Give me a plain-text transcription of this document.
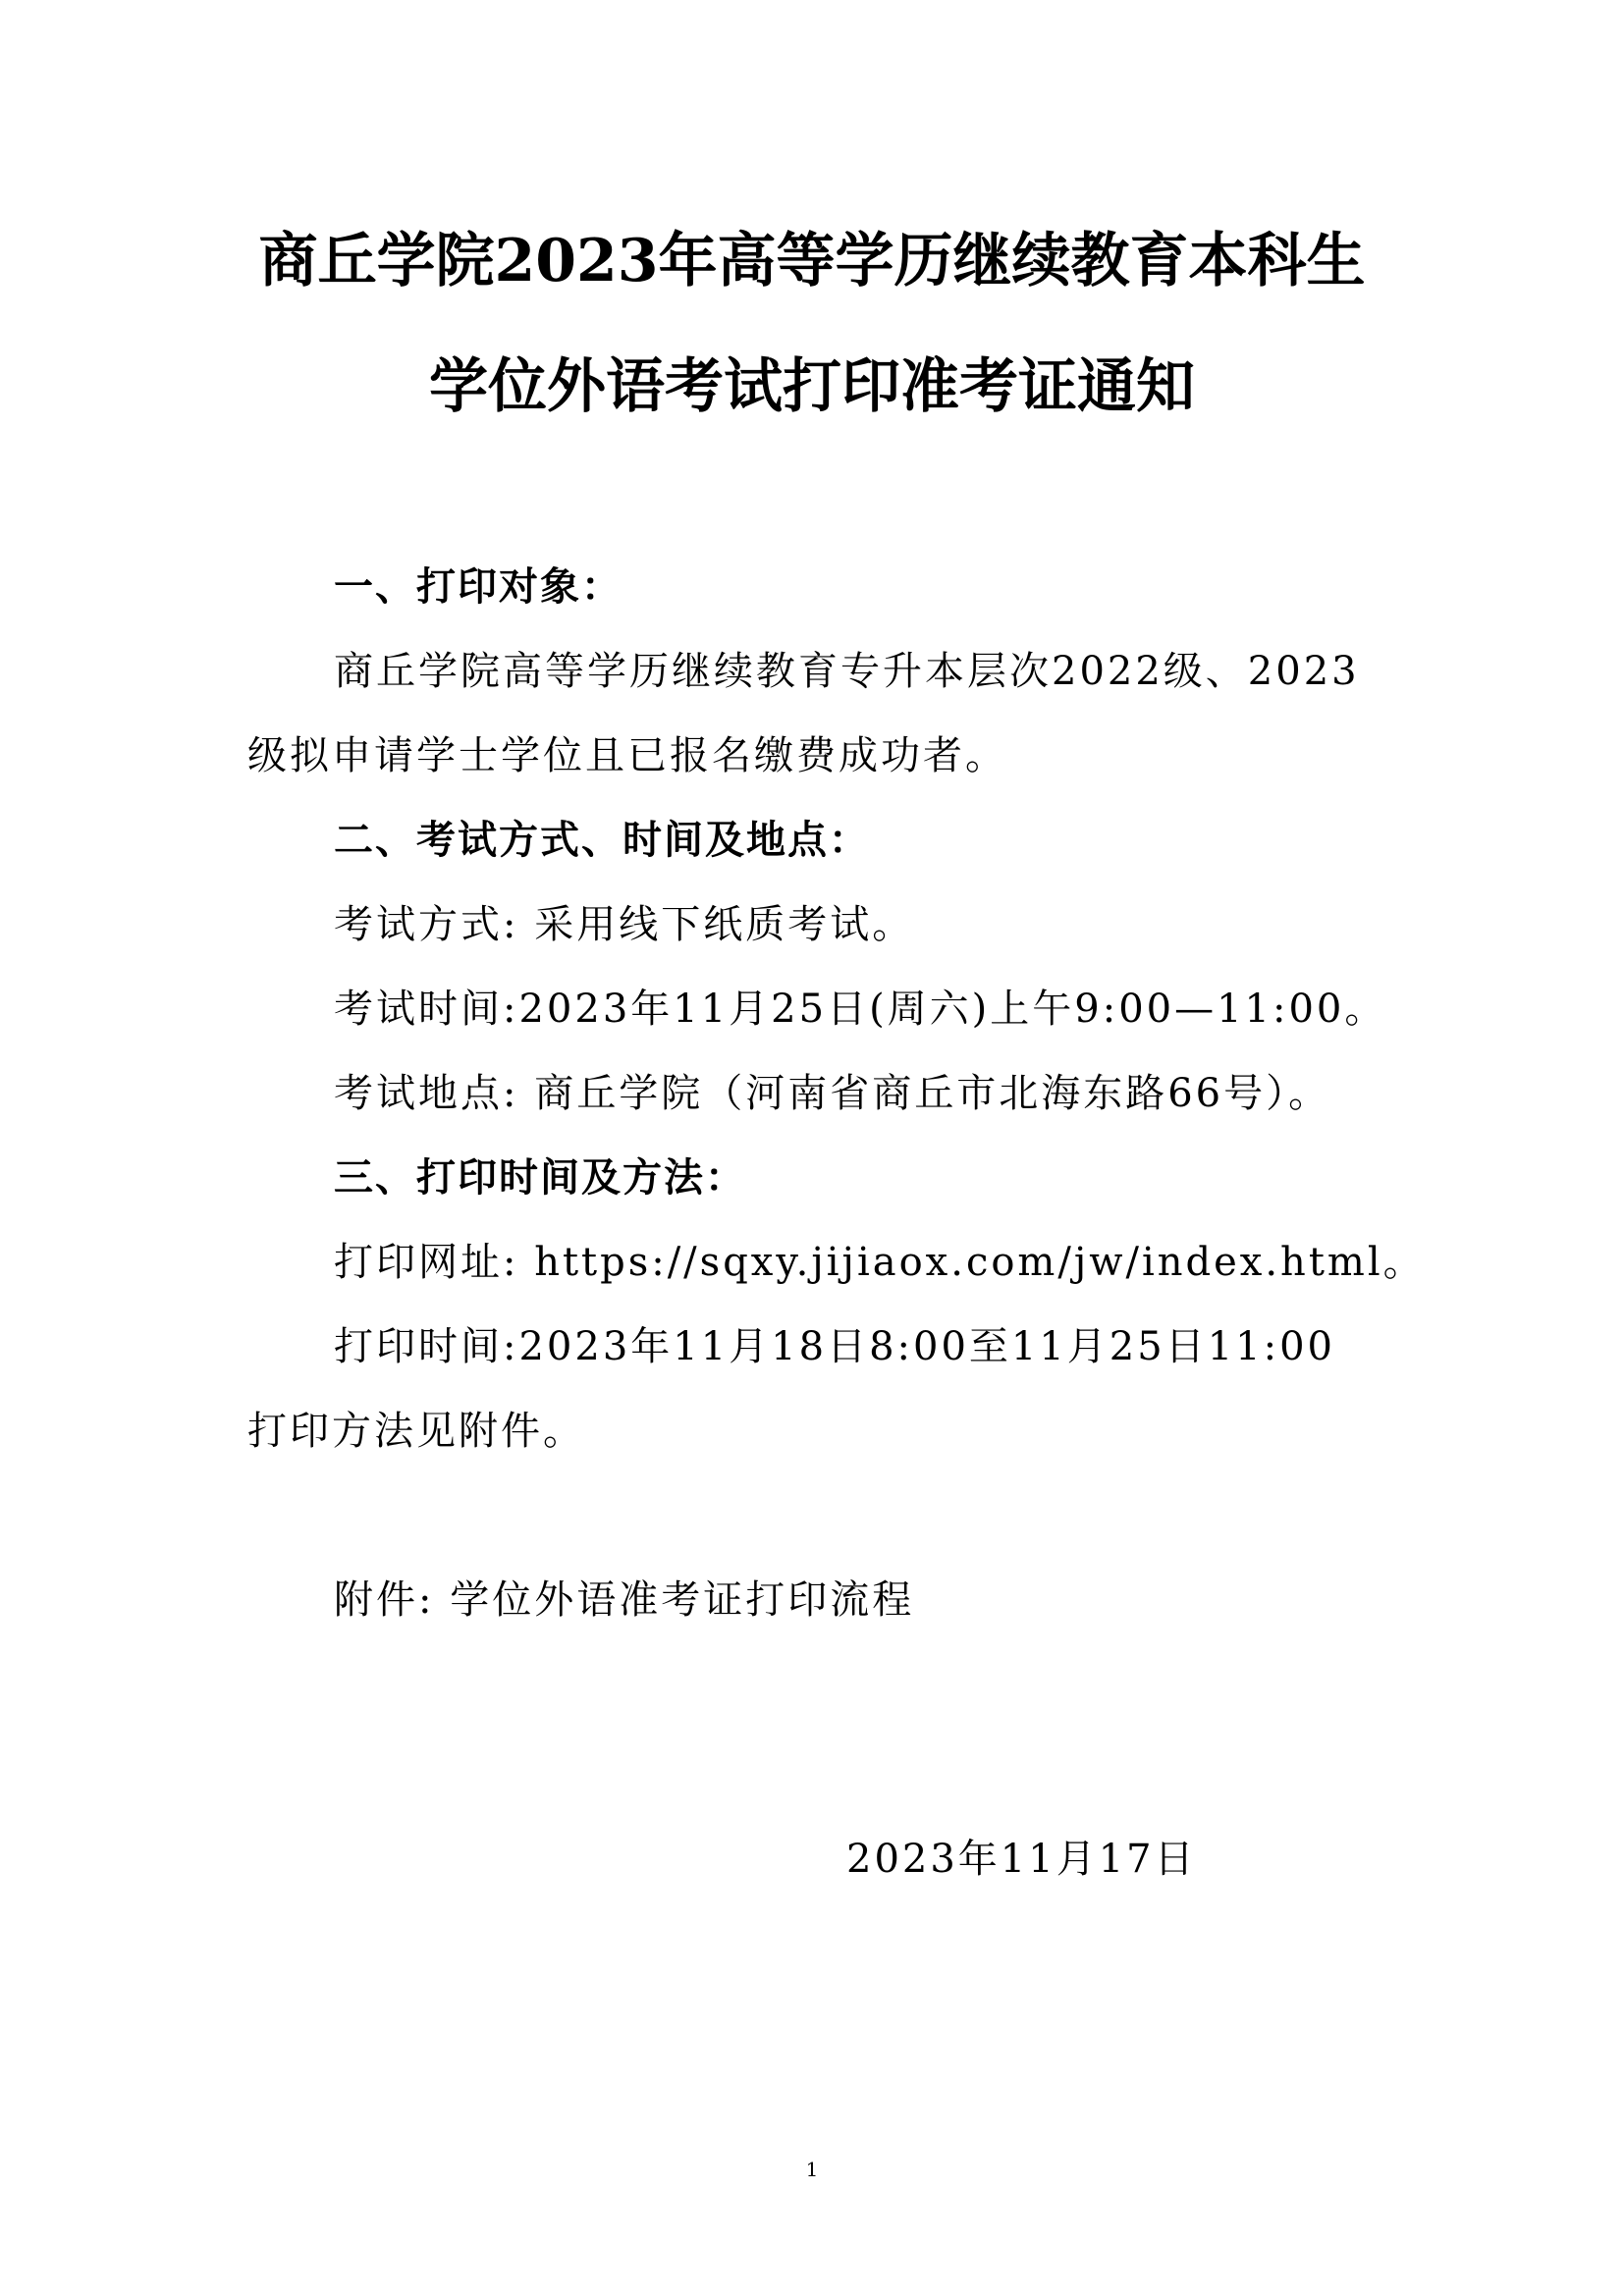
商丘学院2023年高等学历继续教育本科生
学位外语考试打印准考证通知
一、打印对象：
商丘学院高等学历继续教育专升本层次2022级、2023
级拟申请学士学位且已报名缴费成功者。
二、考试方式、时间及地点：
考试方式: 采用线下纸质考试。
考试时间:2023年11月25日(周六)上午9:00—11:00。
考试地点: 商丘学院（河南省商丘市北海东路66号）。
三、打印时间及方法：
打印网址: https://sqxy.jijiaox.com/jw/index.html。
打印时间:2023年11月18日8:00至11月25日11:00
打印方法见附件。
附件: 学位外语准考证打印流程
2023年11月17日
1
